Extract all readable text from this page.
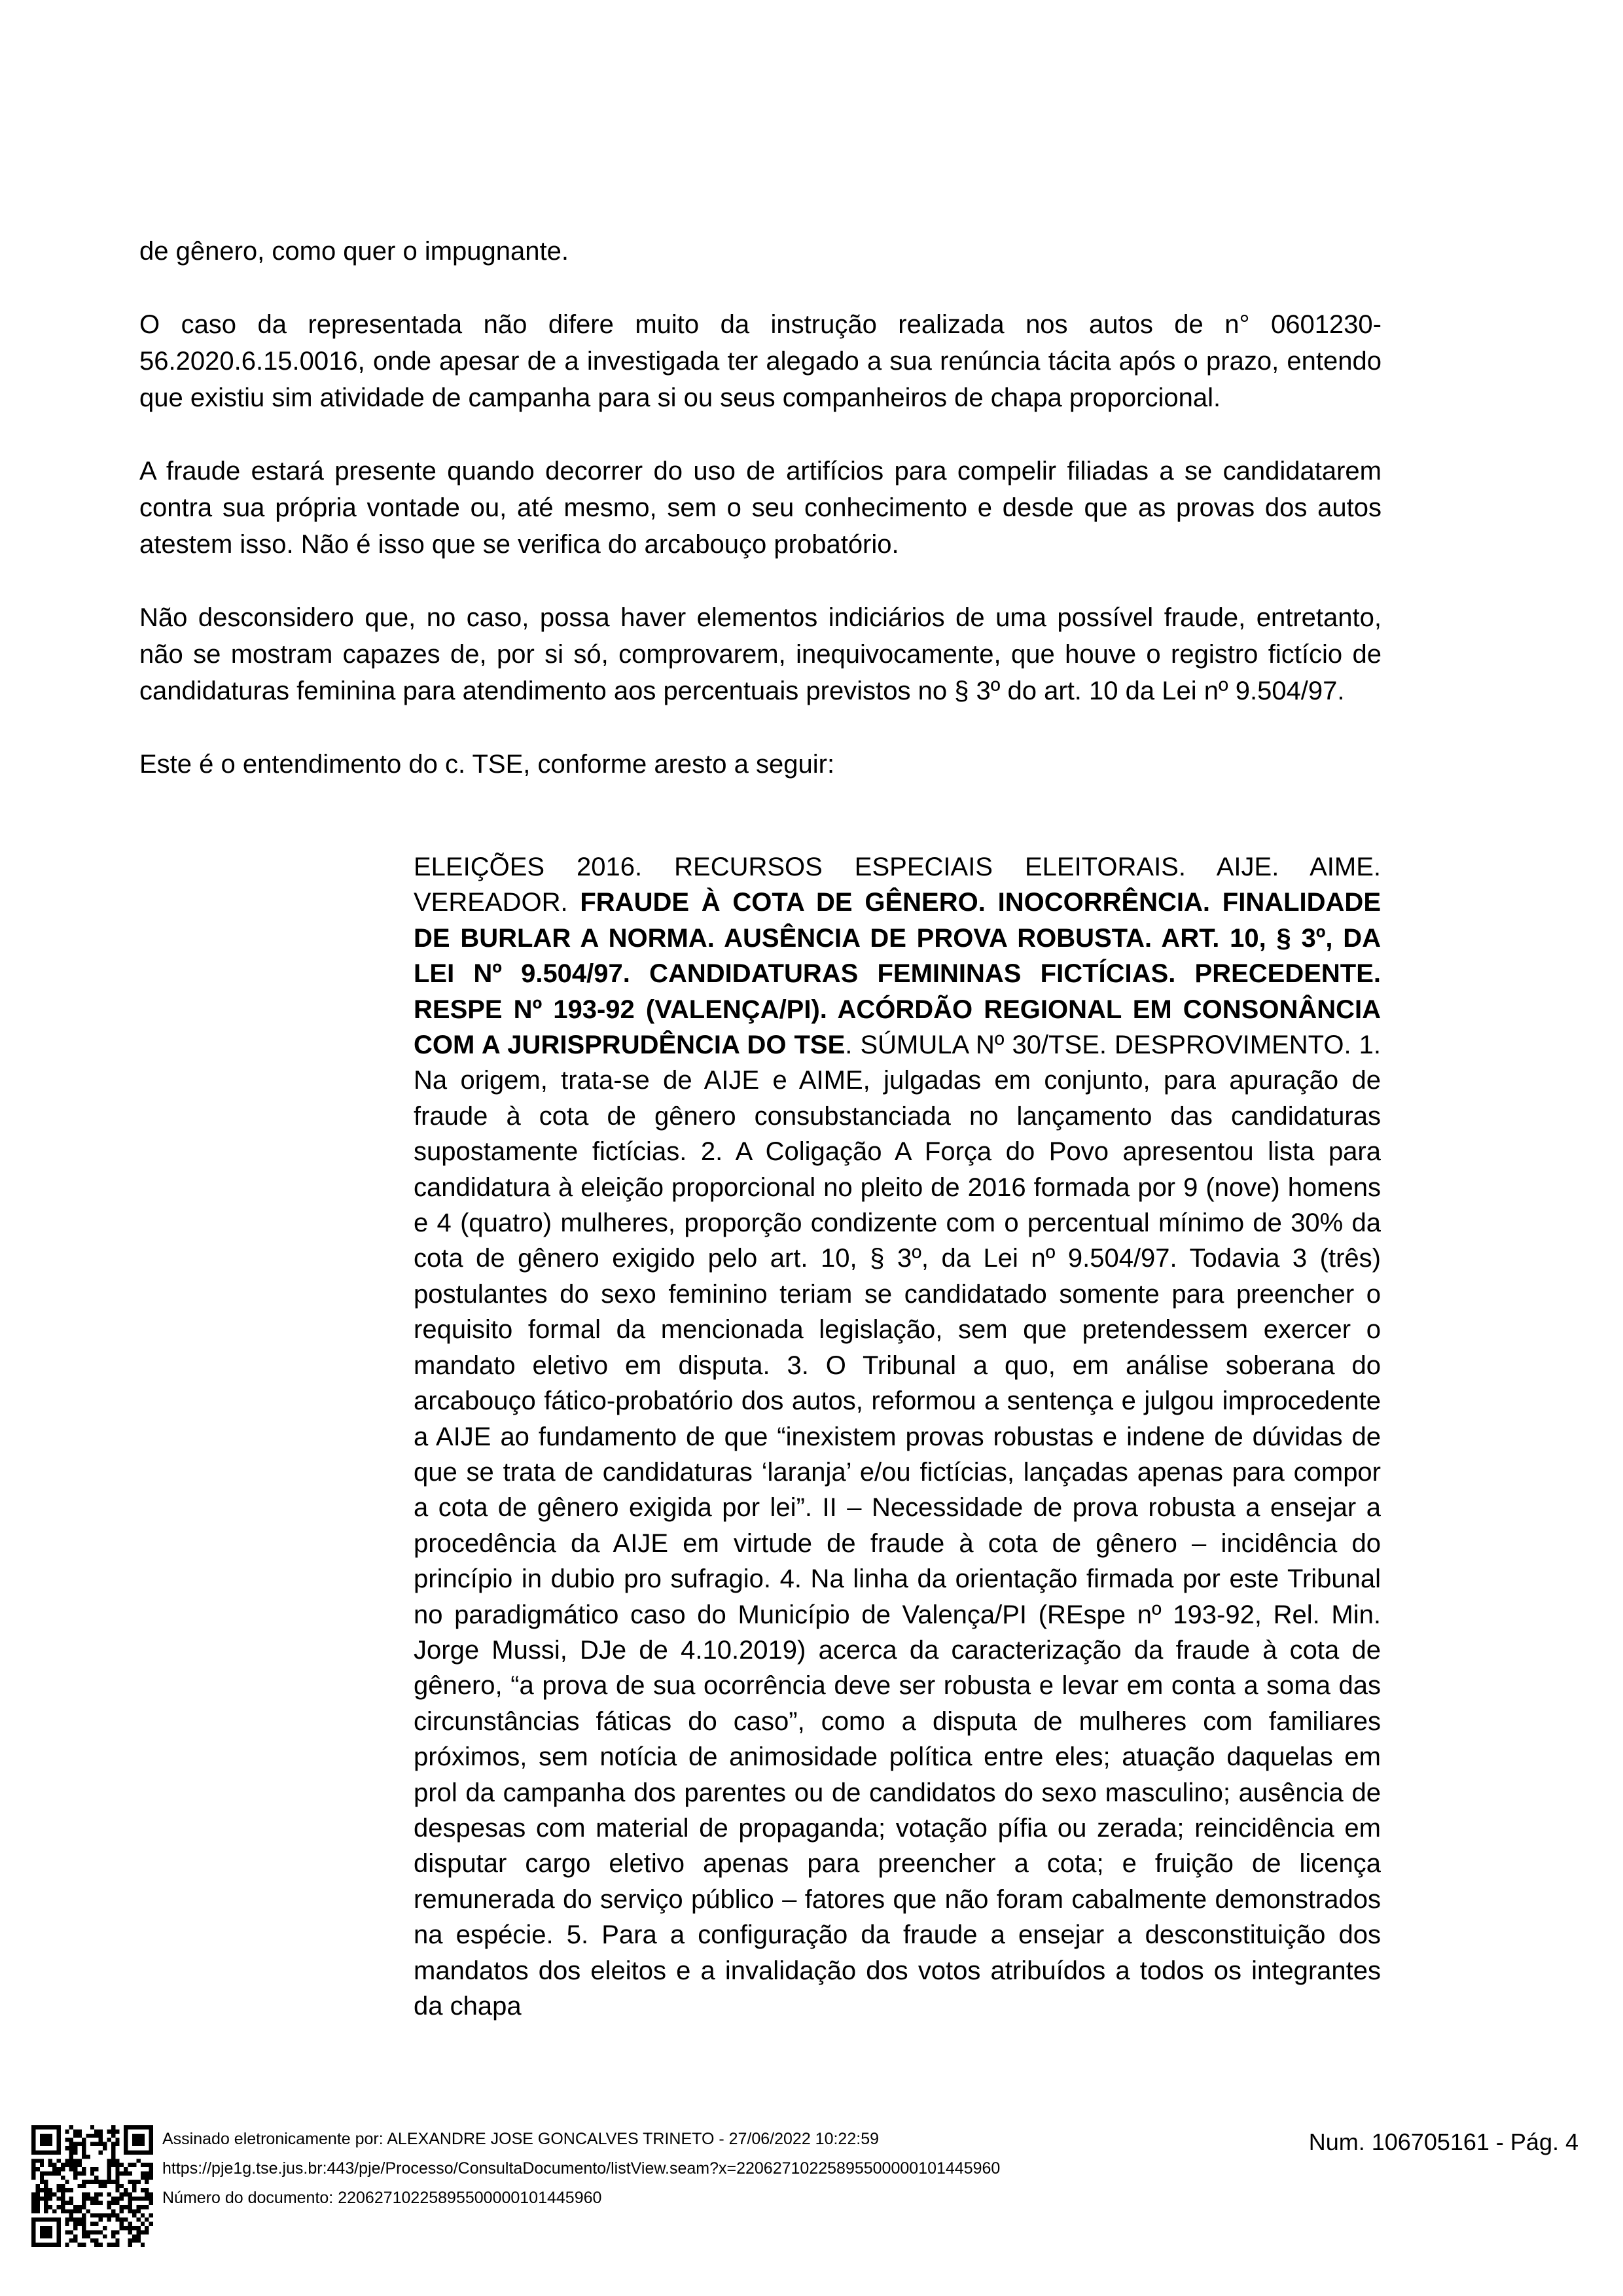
de gênero, como quer o impugnante.

O caso da representada não difere muito da instrução realizada nos autos de n° 0601230-56.2020.6.15.0016, onde apesar de a investigada ter alegado a sua renúncia tácita após o prazo, entendo que existiu sim atividade de campanha para si ou seus companheiros de chapa proporcional.

A fraude estará presente quando decorrer do uso de artifícios para compelir filiadas a se candidatarem contra sua própria vontade ou, até mesmo, sem o seu conhecimento e desde que as provas dos autos atestem isso. Não é isso que se verifica do arcabouço probatório.

Não desconsidero que, no caso, possa haver elementos indiciários de uma possível fraude, entretanto, não se mostram capazes de, por si só, comprovarem, inequivocamente, que houve o registro fictício de candidaturas feminina para atendimento aos percentuais previstos no § 3º do art. 10 da Lei nº 9.504/97.

Este é o entendimento do c. TSE, conforme aresto a seguir:

ELEIÇÕES 2016. RECURSOS ESPECIAIS ELEITORAIS. AIJE. AIME. VEREADOR. FRAUDE À COTA DE GÊNERO. INOCORRÊNCIA. FINALIDADE DE BURLAR A NORMA. AUSÊNCIA DE PROVA ROBUSTA. ART. 10, § 3º, DA LEI Nº 9.504/97. CANDIDATURAS FEMININAS FICTÍCIAS. PRECEDENTE. RESPE Nº 193-92 (VALENÇA/PI). ACÓRDÃO REGIONAL EM CONSONÂNCIA COM A JURISPRUDÊNCIA DO TSE. SÚMULA Nº 30/TSE. DESPROVIMENTO. 1. Na origem, trata-se de AIJE e AIME, julgadas em conjunto, para apuração de fraude à cota de gênero consubstanciada no lançamento das candidaturas supostamente fictícias. 2. A Coligação A Força do Povo apresentou lista para candidatura à eleição proporcional no pleito de 2016 formada por 9 (nove) homens e 4 (quatro) mulheres, proporção condizente com o percentual mínimo de 30% da cota de gênero exigido pelo art. 10, § 3º, da Lei nº 9.504/97. Todavia 3 (três) postulantes do sexo feminino teriam se candidatado somente para preencher o requisito formal da mencionada legislação, sem que pretendessem exercer o mandato eletivo em disputa. 3. O Tribunal a quo, em análise soberana do arcabouço fático-probatório dos autos, reformou a sentença e julgou improcedente a AIJE ao fundamento de que “inexistem provas robustas e indene de dúvidas de que se trata de candidaturas ‘laranja’ e/ou fictícias, lançadas apenas para compor a cota de gênero exigida por lei”. II – Necessidade de prova robusta a ensejar a procedência da AIJE em virtude de fraude à cota de gênero – incidência do princípio in dubio pro sufragio. 4. Na linha da orientação firmada por este Tribunal no paradigmático caso do Município de Valença/PI (REspe nº 193-92, Rel. Min. Jorge Mussi, DJe de 4.10.2019) acerca da caracterização da fraude à cota de gênero, “a prova de sua ocorrência deve ser robusta e levar em conta a soma das circunstâncias fáticas do caso”, como a disputa de mulheres com familiares próximos, sem notícia de animosidade política entre eles; atuação daquelas em prol da campanha dos parentes ou de candidatos do sexo masculino; ausência de despesas com material de propaganda; votação pífia ou zerada; reincidência em disputar cargo eletivo apenas para preencher a cota; e fruição de licença remunerada do serviço público – fatores que não foram cabalmente demonstrados na espécie. 5. Para a configuração da fraude a ensejar a desconstituição dos mandatos dos eleitos e a invalidação dos votos atribuídos a todos os integrantes da chapa
Assinado eletronicamente por: ALEXANDRE JOSE GONCALVES TRINETO - 27/06/2022 10:22:59
https://pje1g.tse.jus.br:443/pje/Processo/ConsultaDocumento/listView.seam?x=22062710225895500000101445960
Número do documento: 22062710225895500000101445960
Num. 106705161 - Pág. 4
